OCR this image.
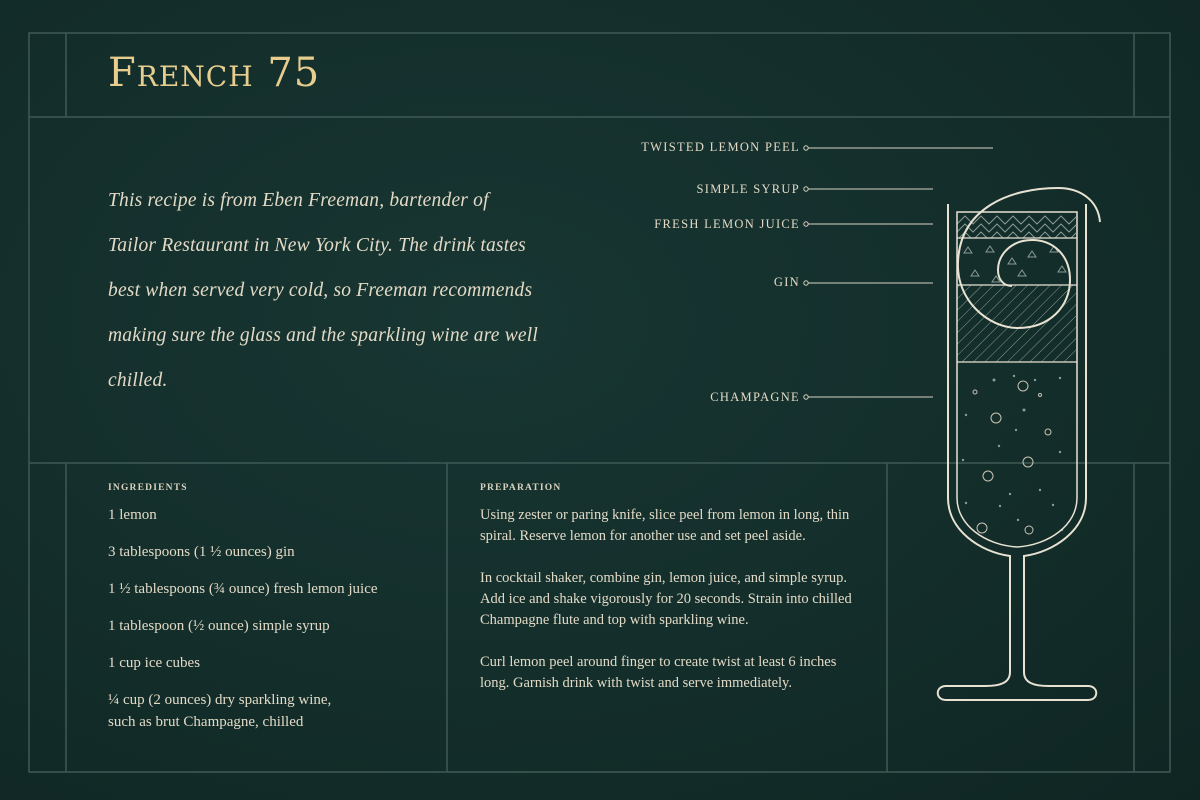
French 75

This recipe is from Eben Freeman, bartender of Tailor Restaurant in New York City. The drink tastes best when served very cold, so Freeman recommends making sure the glass and the sparkling wine are well chilled.

TWISTED LEMON PEEL
SIMPLE SYRUP
FRESH LEMON JUICE
GIN
CHAMPAGNE
INGREDIENTS
1 lemon
3 tablespoons (1 ½ ounces) gin
1 ½ tablespoons (¾ ounce) fresh lemon juice
1 tablespoon (½ ounce) simple syrup
1 cup ice cubes
¼ cup (2 ounces) dry sparkling wine,
such as brut Champagne, chilled
PREPARATION

Using zester or paring knife, slice peel from lemon in long, thin spiral. Reserve lemon for another use and set peel aside.

In cocktail shaker, combine gin, lemon juice, and simple syrup. Add ice and shake vigorously for 20 seconds. Strain into chilled Champagne flute and top with sparkling wine.

Curl lemon peel around finger to create twist at least 6 inches long. Garnish drink with twist and serve immediately.
